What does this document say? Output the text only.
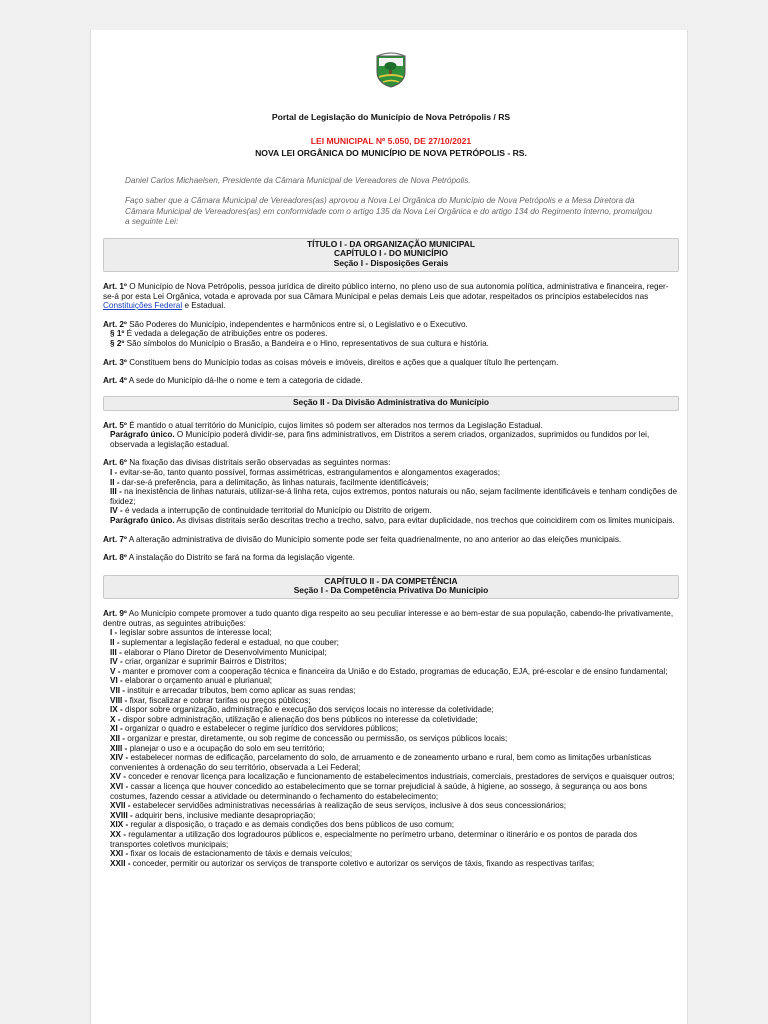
Portal de Legislação do Município de Nova Petrópolis / RS
LEI MUNICIPAL Nº 5.050, DE 27/10/2021
NOVA LEI ORGÂNICA DO MUNICÍPIO DE NOVA PETRÓPOLIS - RS.

Daniel Carlos Michaelsen, Presidente da Câmara Municipal de Vereadores de Nova Petrópolis.

Faço saber que a Câmara Municipal de Vereadores(as) aprovou a Nova Lei Orgânica do Município de Nova Petrópolis e a Mesa Diretora da Câmara Municipal de Vereadores(as) em conformidade com o artigo 135 da Nova Lei Orgânica e do artigo 134 do Regimento Interno, promulgou a seguinte Lei:

TÍTULO I - DA ORGANIZAÇÃO MUNICIPAL
CAPÍTULO I - DO MUNICÍPIO
Seção I - Disposições Gerais

Art. 1º O Município de Nova Petrópolis, pessoa jurídica de direito público interno, no pleno uso de sua autonomia política, administrativa e financeira, reger-se-á por esta Lei Orgânica, votada e aprovada por sua Câmara Municipal e pelas demais Leis que adotar, respeitados os princípios estabelecidos nas Constituições Federal e Estadual.

Art. 2º São Poderes do Município, independentes e harmônicos entre si, o Legislativo e o Executivo.

§ 1º É vedada a delegação de atribuições entre os poderes.

§ 2º São símbolos do Município o Brasão, a Bandeira e o Hino, representativos de sua cultura e história.

Art. 3º Constituem bens do Município todas as coisas móveis e imóveis, direitos e ações que a qualquer título lhe pertençam.

Art. 4º A sede do Município dá-lhe o nome e tem a categoria de cidade.

Seção II - Da Divisão Administrativa do Município

Art. 5º É mantido o atual território do Município, cujos limites só podem ser alterados nos termos da Legislação Estadual.

Parágrafo único. O Município poderá dividir-se, para fins administrativos, em Distritos a serem criados, organizados, suprimidos ou fundidos por lei, observada a legislação estadual.

Art. 6º Na fixação das divisas distritais serão observadas as seguintes normas:

I - evitar-se-ão, tanto quanto possível, formas assimétricas, estrangulamentos e alongamentos exagerados;

II - dar-se-á preferência, para a delimitação, às linhas naturais, facilmente identificáveis;

III - na inexistência de linhas naturais, utilizar-se-á linha reta, cujos extremos, pontos naturais ou não, sejam facilmente identificáveis e tenham condições de fixidez;

IV - é vedada a interrupção de continuidade territorial do Município ou Distrito de origem.

Parágrafo único. As divisas distritais serão descritas trecho a trecho, salvo, para evitar duplicidade, nos trechos que coincidirem com os limites municipais.

Art. 7º A alteração administrativa de divisão do Município somente pode ser feita quadrienalmente, no ano anterior ao das eleições municipais.

Art. 8º A instalação do Distrito se fará na forma da legislação vigente.

CAPÍTULO II - DA COMPETÊNCIA
Seção I - Da Competência Privativa Do Município

Art. 9º Ao Município compete promover a tudo quanto diga respeito ao seu peculiar interesse e ao bem-estar de sua população, cabendo-lhe privativamente, dentre outras, as seguintes atribuições:

I - legislar sobre assuntos de interesse local;

II - suplementar a legislação federal e estadual, no que couber;

III - elaborar o Plano Diretor de Desenvolvimento Municipal;

IV - criar, organizar e suprimir Bairros e Distritos;

V - manter e promover com a cooperação técnica e financeira da União e do Estado, programas de educação, EJA, pré-escolar e de ensino fundamental;

VI - elaborar o orçamento anual e plurianual;

VII - instituir e arrecadar tributos, bem como aplicar as suas rendas;

VIII - fixar, fiscalizar e cobrar tarifas ou preços públicos;

IX - dispor sobre organização, administração e execução dos serviços locais no interesse da coletividade;

X - dispor sobre administração, utilização e alienação dos bens públicos no interesse da coletividade;

XI - organizar o quadro e estabelecer o regime jurídico dos servidores públicos;

XII - organizar e prestar, diretamente, ou sob regime de concessão ou permissão, os serviços públicos locais;

XIII - planejar o uso e a ocupação do solo em seu território;

XIV - estabelecer normas de edificação, parcelamento do solo, de arruamento e de zoneamento urbano e rural, bem como as limitações urbanísticas convenientes à ordenação do seu território, observada a Lei Federal;

XV - conceder e renovar licença para localização e funcionamento de estabelecimentos industriais, comerciais, prestadores de serviços e quaisquer outros;

XVI - cassar a licença que houver concedido ao estabelecimento que se tornar prejudicial à saúde, à higiene, ao sossego, à segurança ou aos bons costumes, fazendo cessar a atividade ou determinando o fechamento do estabelecimento;

XVII - estabelecer servidões administrativas necessárias à realização de seus serviços, inclusive à dos seus concessionários;

XVIII - adquirir bens, inclusive mediante desapropriação;

XIX - regular a disposição, o traçado e as demais condições dos bens públicos de uso comum;

XX - regulamentar a utilização dos logradouros públicos e, especialmente no perímetro urbano, determinar o itinerário e os pontos de parada dos transportes coletivos municipais;

XXI - fixar os locais de estacionamento de táxis e demais veículos;

XXII - conceder, permitir ou autorizar os serviços de transporte coletivo e autorizar os serviços de táxis, fixando as respectivas tarifas;
